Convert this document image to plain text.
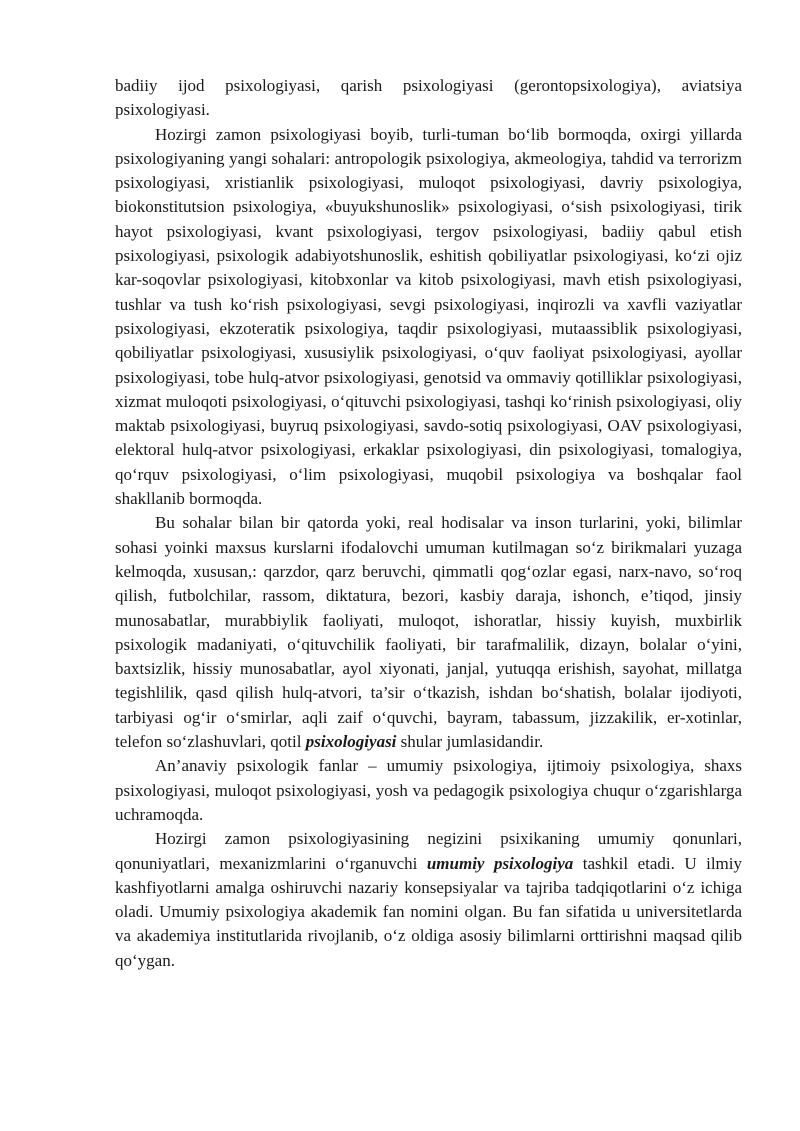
badiiy ijod psixologiyasi, qarish psixologiyasi (gerontopsixologiya), aviatsiya psixologiyasi.

Hozirgi zamon psixologiyasi boyib, turli-tuman bo‘lib bormoqda, oxirgi yillarda psixologiyaning yangi sohalari: antropologik psixologiya, akmeologiya, tahdid va terrorizm psixologiyasi, xristianlik psixologiyasi, muloqot psixologiyasi, davriy psixologiya, biokonstitutsion psixologiya, «buyukshunoslik» psixologiyasi, o‘sish psixologiyasi, tirik hayot psixologiyasi, kvant psixologiyasi, tergov psixologiyasi, badiiy qabul etish psixologiyasi, psixologik adabiyotshunoslik, eshitish qobiliyatlar psixologiyasi, ko‘zi ojiz kar-soqovlar psixologiyasi, kitobxonlar va kitob psixologiyasi, mavh etish psixologiyasi, tushlar va tush ko‘rish psixologiyasi, sevgi psixologiyasi, inqirozli va xavfli vaziyatlar psixologiyasi, ekzoteratik psixologiya, taqdir psixologiyasi, mutaassiblik psixologiyasi, qobiliyatlar psixologiyasi, xususiylik psixologiyasi, o‘quv faoliyat psixologiyasi, ayollar psixologiyasi, tobe hulq-atvor psixologiyasi, genotsid va ommaviy qotilliklar psixologiyasi, xizmat muloqoti psixologiyasi, o‘qituvchi psixologiyasi, tashqi ko‘rinish psixologiyasi, oliy maktab psixologiyasi, buyruq psixologiyasi, savdo-sotiq psixologiyasi, OAV psixologiyasi, elektoral hulq-atvor psixologiyasi, erkaklar psixologiyasi, din psixologiyasi, tomalogiya, qo‘rquv psixologiyasi, o‘lim psixologiyasi, muqobil psixologiya va boshqalar faol shakllanib bormoqda.

Bu sohalar bilan bir qatorda yoki, real hodisalar va inson turlarini, yoki, bilimlar sohasi yoinki maxsus kurslarni ifodalovchi umuman kutilmagan so‘z birikmalari yuzaga kelmoqda, xususan,: qarzdor, qarz beruvchi, qimmatli qog‘ozlar egasi, narx-navo, so‘roq qilish, futbolchilar, rassom, diktatura, bezori, kasbiy daraja, ishonch, e’tiqod, jinsiy munosabatlar, murabbiylik faoliyati, muloqot, ishoratlar, hissiy kuyish, muxbirlik psixologik madaniyati, o‘qituvchilik faoliyati, bir tarafmalilik, dizayn, bolalar o‘yini, baxtsizlik, hissiy munosabatlar, ayol xiyonati, janjal, yutuqqa erishish, sayohat, millatga tegishlilik, qasd qilish hulq-atvori, ta’sir o‘tkazish, ishdan bo‘shatish, bolalar ijodiyoti, tarbiyasi og‘ir o‘smirlar, aqli zaif o‘quvchi, bayram, tabassum, jizzakilik, er-xotinlar, telefon so‘zlashuvlari, qotil psixologiyasi shular jumlasidandir.

An’anaviy psixologik fanlar – umumiy psixologiya, ijtimoiy psixologiya, shaxs psixologiyasi, muloqot psixologiyasi, yosh va pedagogik psixologiya chuqur o‘zgarishlarga uchramoqda.

Hozirgi zamon psixologiyasining negizini psixikaning umumiy qonunlari, qonuniyatlari, mexanizmlarini o‘rganuvchi umumiy psixologiya tashkil etadi. U ilmiy kashfiyotlarni amalga oshiruvchi nazariy konsepsiyalar va tajriba tadqiqotlarini o‘z ichiga oladi. Umumiy psixologiya akademik fan nomini olgan. Bu fan sifatida u universitetlarda va akademiya institutlarida rivojlanib, o‘z oldiga asosiy bilimlarni orttirishni maqsad qilib qo‘ygan.
